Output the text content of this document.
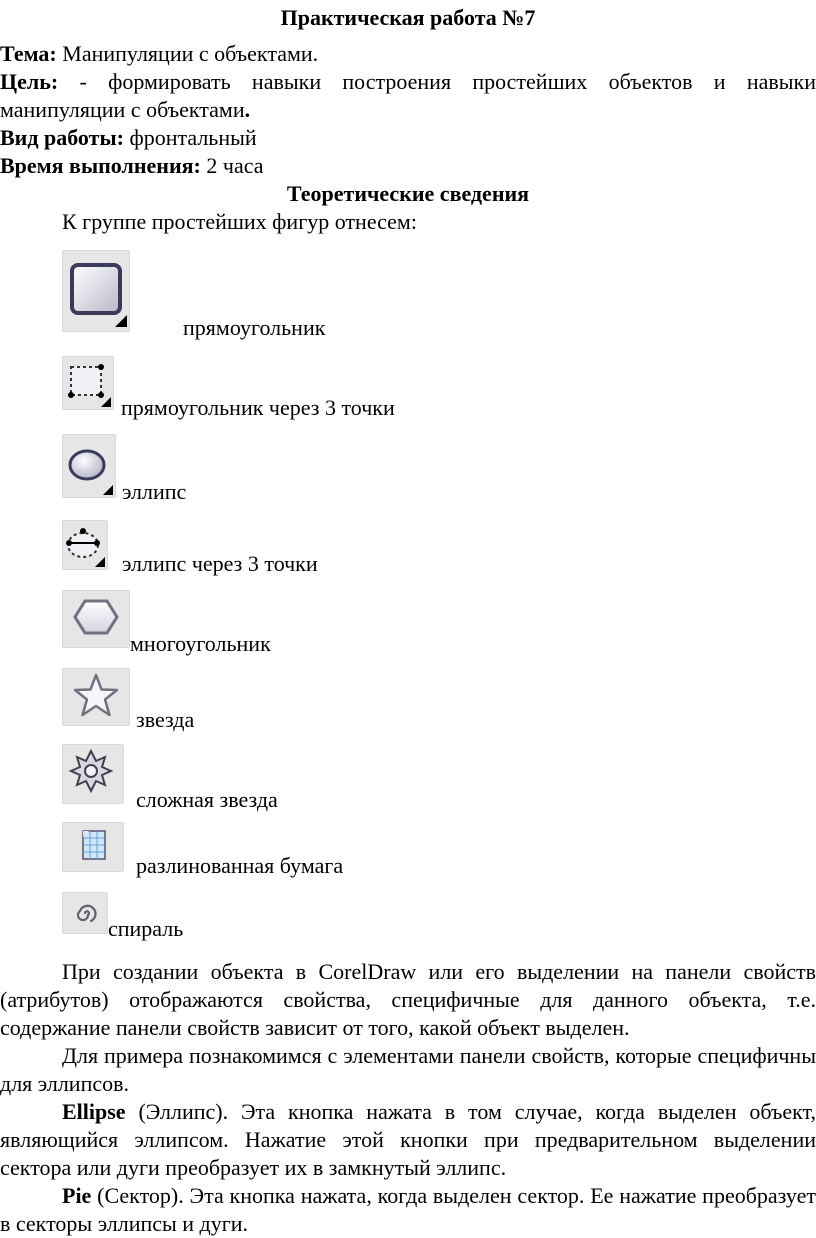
Практическая работа №7
Тема: Манипуляции с объектами.
Цель: - формировать навыки построения простейших объектов и навыки
манипуляции с объектами.
Вид работы: фронтальный
Время выполнения: 2 часа
Теоретические сведения
К группе простейших фигур отнесем:
прямоугольник
прямоугольник через 3 точки
эллипс
эллипс через 3 точки
многоугольник
звезда
сложная звезда
разлинованная бумага
спираль
При создании объекта в CorelDraw или его выделении на панели свойств (атрибутов) отображаются свойства, специфичные для данного объекта, т.е. содержание панели свойств зависит от того, какой объект выделен.
Для примера познакомимся с элементами панели свойств, которые специфичны для эллипсов.
Ellipse (Эллипс). Эта кнопка нажата в том случае, когда выделен объект, являющийся эллипсом. Нажатие этой кнопки при предварительном выделении сектора или дуги преобразует их в замкнутый эллипс.
Pie (Сектор). Эта кнопка нажата, когда выделен сектор. Ее нажатие преобразует в секторы эллипсы и дуги.
